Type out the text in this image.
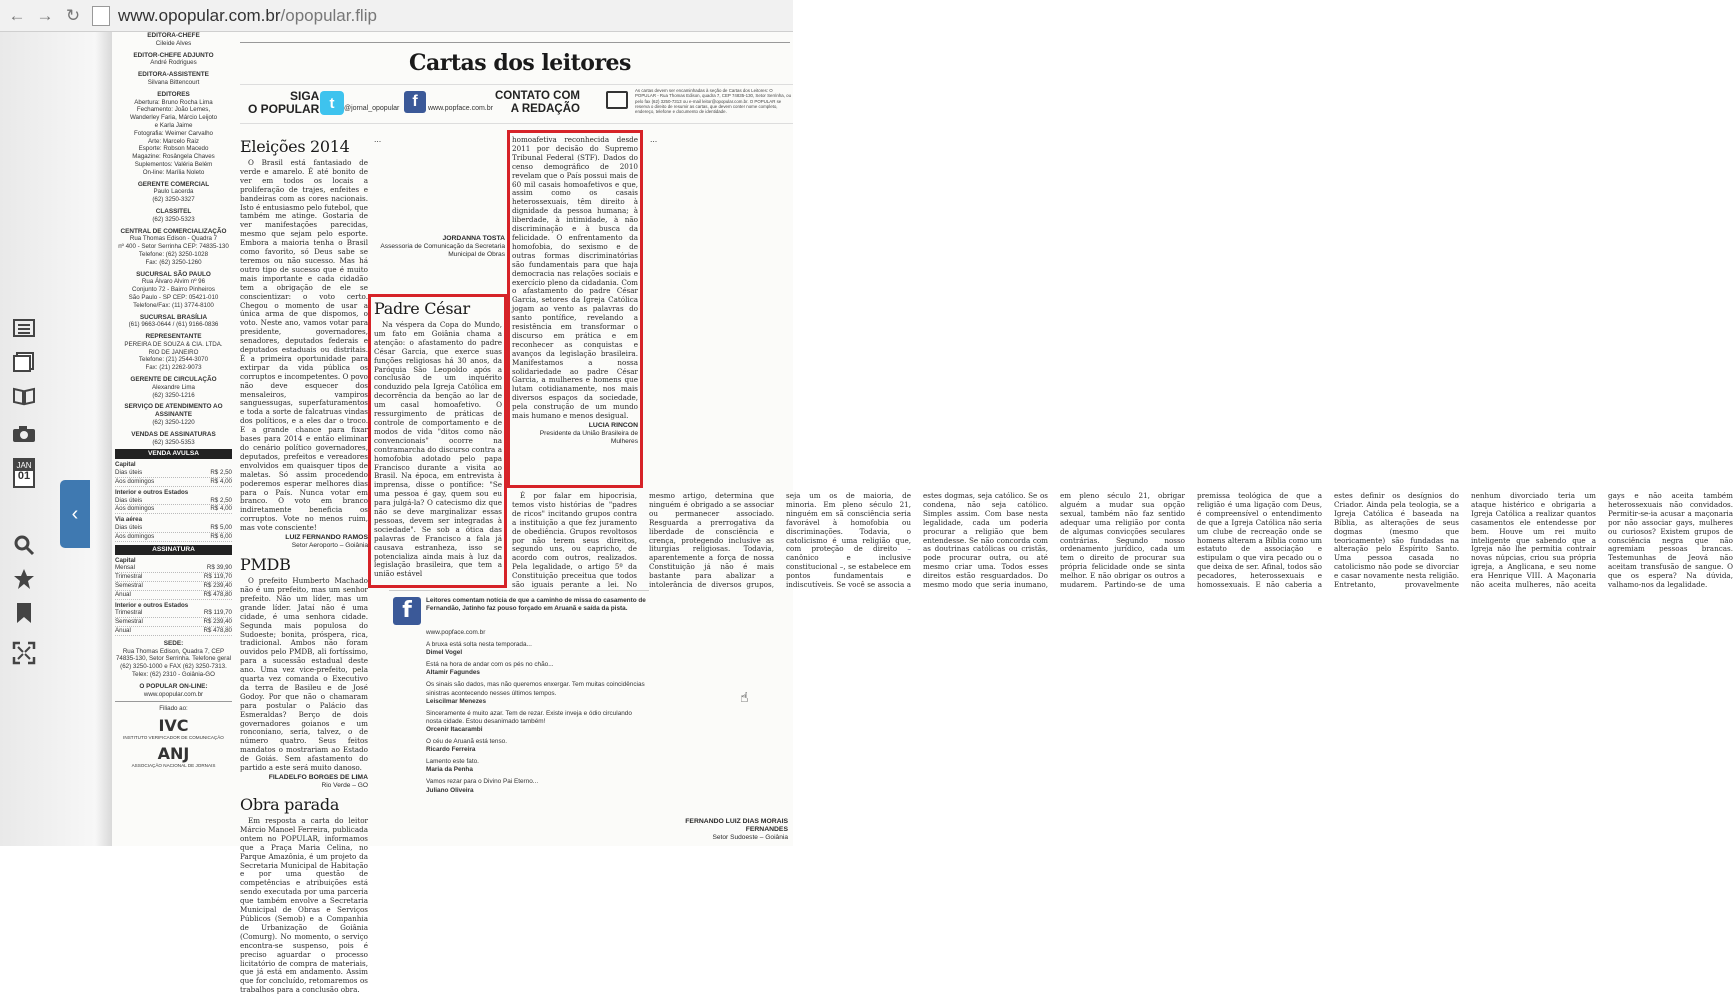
← → ↻ www.opopular.com.br /opopular.flip
JAN
01
‹
EDITORA-CHEFE
Cileide Alves
EDITOR-CHEFE ADJUNTO
André Rodrigues
EDITORA-ASSISTENTE
Silvana Bittencourt
EDITORES
Abertura: Bruno Rocha Lima
Fechamento: João Lemes,
Wanderley Faria, Márcio Leijoto
e Karla Jaime
Fotografia: Weimer Carvalho
Arte: Marcelo Raiz
Esporte: Robson Macedo
Magazine: Rosângela Chaves
Suplementos: Valéria Belém
On-line: Marília Noleto
GERENTE COMERCIAL
Paulo Lacerda
(62) 3250-3327
CLASSITEL
(62) 3250-5323
CENTRAL DE COMERCIALIZAÇÃO
Rua Thomas Edison - Quadra 7
nº 400 - Setor Serrinha CEP: 74835-130
Telefone: (62) 3250-1028
Fax: (62) 3250-1260
SUCURSAL SÃO PAULO
Rua Álvaro Alvim nº 96
Conjunto 72 - Bairro Pinheiros
São Paulo - SP CEP: 05421-010
Telefone/Fax: (11) 3774-8100
SUCURSAL BRASÍLIA
(61) 9663-0644 / (61) 9166-0836
REPRESENTANTE
PEREIRA DE SOUZA & CIA. LTDA.
RIO DE JANEIRO
Telefone: (21) 2544-3070
Fax: (21) 2262-9073
GERENTE DE CIRCULAÇÃO
Alexandre Lima
(62) 3250-1216
SERVIÇO DE ATENDIMENTO AO ASSINANTE
(62) 3250-1220
VENDAS DE ASSINATURAS
(62) 3250-5353
VENDA AVULSA
Capital
Dias úteis	R$ 2,50
Aos domingos	R$ 4,00
Interior e outros Estados
Dias úteis	R$ 2,50
Aos domingos	R$ 4,00
Via aérea
Dias úteis	R$ 5,00
Aos domingos	R$ 6,00
ASSINATURA
Capital
Mensal	R$ 39,90
Trimestral	R$ 119,70
Semestral	R$ 239,40
Anual	R$ 478,80
Interior e outros Estados
Trimestral	R$ 119,70
Semestral	R$ 239,40
Anual	R$ 478,80
SEDE:
Rua Thomas Edison, Quadra 7, CEP 74835-130, Setor Serrinha. Telefone geral (62) 3250-1000 e FAX (62) 3250-7313. Telex: (62) 2310 - Goiânia-GO
O POPULAR ON-LINE:
www.opopular.com.br
Filiado ao:
IVC
INSTITUTO VERIFICADOR DE COMUNICAÇÃO
ANJ
ASSOCIAÇÃO NACIONAL DE JORNAIS
Cartas dos leitores
SIGA
O POPULAR t	@jornal_opopular f	www.popface.com.br
CONTATO COM
A REDAÇÃO
As cartas devem ser encaminhadas à seção de Cartas dos Leitores: O POPULAR - Rua Thomas Edison, quadra 7, CEP 74835-130, Setor Serrinha, ou pelo fax (62) 3250-7313 ou e-mail leitor@opopular.com.br. O POPULAR se reserva o direito de resumir as cartas, que devem conter nome completo, endereço, telefone e documento de identidade.
Eleições 2014

O Brasil está fantasiado de verde e amarelo. É até bonito de ver em todos os locais a proliferação de trajes, enfeites e bandeiras com as cores nacionais. Isto é entusiasmo pelo futebol, que também me atinge. Gostaria de ver manifestações parecidas, mesmo que sejam pelo esporte. Embora a maioria tenha o Brasil como favorito, só Deus sabe se teremos ou não sucesso. Mas há outro tipo de sucesso que é muito mais importante e cada cidadão tem a obrigação de ele se conscientizar: o voto certo. Chegou o momento de usar a única arma de que dispomos, o voto. Neste ano, vamos votar para presidente, governadores, senadores, deputados federais e deputados estaduais ou distritais. É a primeira oportunidade para extirpar da vida pública os corruptos e incompetentes. O povo não deve esquecer dos mensaleiros, vampiros sanguessugas, superfaturamentos e toda a sorte de falcatruas vindas dos políticos, e a eles dar o troco. E a grande chance para fixar bases para 2014 e então eliminar do cenário político governadores, deputados, prefeitos e vereadores envolvidos em quaisquer tipos de maletas. Só assim procedendo poderemos esperar melhores dias para o País. Nunca votar em branco. O voto em branco indiretamente beneficia os corruptos. Vote no menos ruim, mas vote consciente!

LUIZ FERNANDO RAMOS
Setor Aeroporto – Goiânia
PMDB

O prefeito Humberto Machado não é um prefeito, mas um senhor prefeito. Não um líder, mas um grande líder. Jataí não é uma cidade, é uma senhora cidade. Segunda mais populosa do Sudoeste; bonita, próspera, rica, tradicional. Ambos não foram ouvidos pelo PMDB, ali fortíssimo, para a sucessão estadual deste ano. Uma vez vice-prefeito, pela quarta vez comanda o Executivo da terra de Basileu e de José Godoy. Por que não o chamaram para postular o Palácio das Esmeraldas? Berço de dois governadores goianos e um ronconiano, seria, talvez, o de número quatro. Seus feitos mandatos o mostrariam ao Estado de Goiás. Sem afastamento do partido a este será muito danoso.

FILADELFO BORGES DE LIMA
Rio Verde – GO
Obra parada

Em resposta a carta do leitor Márcio Manoel Ferreira, publicada ontem no POPULAR, informamos que a Praça Maria Celina, no Parque Amazônia, é um projeto da Secretaria Municipal de Habitação e por uma questão de competências e atribuições está sendo executada por uma parceria que também envolve a Secretaria Municipal de Obras e Serviços Públicos (Semob) e a Companhia de Urbanização de Goiânia (Comurg). No momento, o serviço encontra-se suspenso, pois é preciso aguardar o processo licitatório de compra de materiais, que já está em andamento. Assim que for concluído, retomaremos os trabalhos para a conclusão obra.

…

JORDANNA TOSTA
Assessoria de Comunicação da Secretaria Municipal de Obras
Padre César

Na véspera da Copa do Mundo, um fato em Goiânia chama a atenção: o afastamento do padre César Garcia, que exerce suas funções religiosas há 30 anos, da Paróquia São Leopoldo após a conclusão de um inquérito conduzido pela Igreja Católica em decorrência da benção ao lar de um casal homoafetivo. O ressurgimento de práticas de controle de comportamento e de modos de vida "ditos como não convencionais" ocorre na contramarcha do discurso contra a homofobia adotado pelo papa Francisco durante a visita ao Brasil. Na época, em entrevista à imprensa, disse o pontífice: "Se uma pessoa é gay, quem sou eu para julgá-la? O catecismo diz que não se deve marginalizar essas pessoas, devem ser integradas à sociedade". Se sob a ótica das palavras de Francisco a fala já causava estranheza, isso se potencializa ainda mais à luz da legislação brasileira, que tem a união estável

homoafetiva reconhecida desde 2011 por decisão do Supremo Tribunal Federal (STF). Dados do censo demográfico de 2010 revelam que o País possui mais de 60 mil casais homoafetivos e que, assim como os casais heterossexuais, têm direito à dignidade da pessoa humana; à liberdade, à intimidade, à não discriminação e à busca da felicidade. O enfrentamento da homofobia, do sexismo e de outras formas discriminatórias são fundamentais para que haja democracia nas relações sociais e exercício pleno da cidadania. Com o afastamento do padre César Garcia, setores da Igreja Católica jogam ao vento as palavras do santo pontífice, revelando a resistência em transformar o discurso em prática e em reconhecer as conquistas e avanços da legislação brasileira. Manifestamos a nossa solidariedade ao padre César Garcia, a mulheres e homens que lutam cotidianamente, nos mais diversos espaços da sociedade, pela construção de um mundo mais humano e menos desigual.

LUCIA RINCON
Presidente da União Brasileira de Mulheres

É por falar em hipocrisia, temos visto histórias de "padres de ricos" incitando grupos contra a instituição a que fez juramento de obediência. Grupos revoltosos por não terem seus direitos, segundo uns, ou capricho, de acordo com outros, realizados. Pela legalidade, o artigo 5º da Constituição preceitua que todos são iguais perante a lei. No mesmo artigo, determina que ninguém é obrigado a se associar ou permanecer associado. Resguarda a prerrogativa da liberdade de consciência e crença, protegendo inclusive as liturgias religiosas. Todavia, aparentemente a força de nossa Constituição já não é mais bastante para abalizar a intolerância de diversos grupos, seja um os de maioria, de minoria. Em pleno século 21, ninguém em sã consciência seria favorável à homofobia ou discriminações. Todavia, o catolicismo é uma religião que, com proteção de direito – canônico e inclusive constitucional –, se estabelece em pontos fundamentais e indiscutíveis. Se você se associa a estes dogmas, seja católico. Se os condena, não seja católico. Simples assim. Com base nesta legalidade, cada um poderia procurar a religião que bem entendesse. Se não concorda com as doutrinas católicas ou cristãs, pode procurar outra, ou até mesmo criar uma. Todos esses direitos estão resguardados. Do mesmo modo que seria inumano, em pleno século 21, obrigar alguém a mudar sua opção sexual, também não faz sentido adequar uma religião por conta de algumas convicções seculares contrárias. Segundo nosso ordenamento jurídico, cada um tem o direito de procurar sua própria felicidade onde se sinta melhor. E não obrigar os outros a mudarem. Partindo-se de uma premissa teológica de que a religião é uma ligação com Deus, é compreensível o entendimento de que a Igreja Católica não seria um clube de recreação onde se homens alteram a Bíblia como um estatuto de associação e estipulam o que vira pecado ou o que deixa de ser. Afinal, todos são pecadores, heterossexuais e homossexuais. E não caberia a estes definir os desígnios do Criador. Ainda pela teologia, se a Igreja Católica é baseada na Bíblia, as alterações de seus dogmas (mesmo que teoricamente) são fundadas na alteração pelo Espírito Santo. Uma pessoa casada no catolicismo não pode se divorciar e casar novamente nesta religião. Entretanto, provavelmente nenhum divorciado teria um ataque histérico e obrigaria a Igreja Católica a realizar quantos casamentos ele entendesse por bem. Houve um rei muito inteligente que sabendo que a Igreja não lhe permitia contrair novas núpcias, criou sua própria igreja, a Anglicana, e seu nome era Henrique VIII. A Maçonaria não aceita mulheres, não aceita gays e não aceita também heterossexuais não convidados. Permitir-se-ia acusar a maçonaria por não associar gays, mulheres ou curiosos? Existem grupos de consciência negra que não agremiam pessoas brancas. Testemunhas de Jeová não aceitam transfusão de sangue. O que os espera? Na dúvida, valhamo-nos da legalidade.

…

FERNANDO LUIZ DIAS MORAIS FERNANDES
Setor Sudoeste – Goiânia
f	Leitores comentam notícia de que a caminho de missa do casamento de Fernandão, Jatinho faz pouso forçado em Aruanã e saída da pista.
www.popface.com.br
A bruxa está solta nesta temporada...
Dimel Vogel
Está na hora de andar com os pés no chão...
Altamir Fagundes
Os sinais são dados, mas não queremos enxergar. Tem muitas coincidências sinistras acontecendo nesses últimos tempos.
Leiscilmar Menezes
Sinceramente é muito azar. Tem de rezar. Existe inveja e ódio circulando nosta cidade. Estou desanimado também!
Orcenir Itacarambi
O céu de Aruanã está tenso.
Ricardo Ferreira
Lamento este fato.
Maria da Penha
Vamos rezar para o Divino Pai Eterno...
Juliano Oliveira
☝
